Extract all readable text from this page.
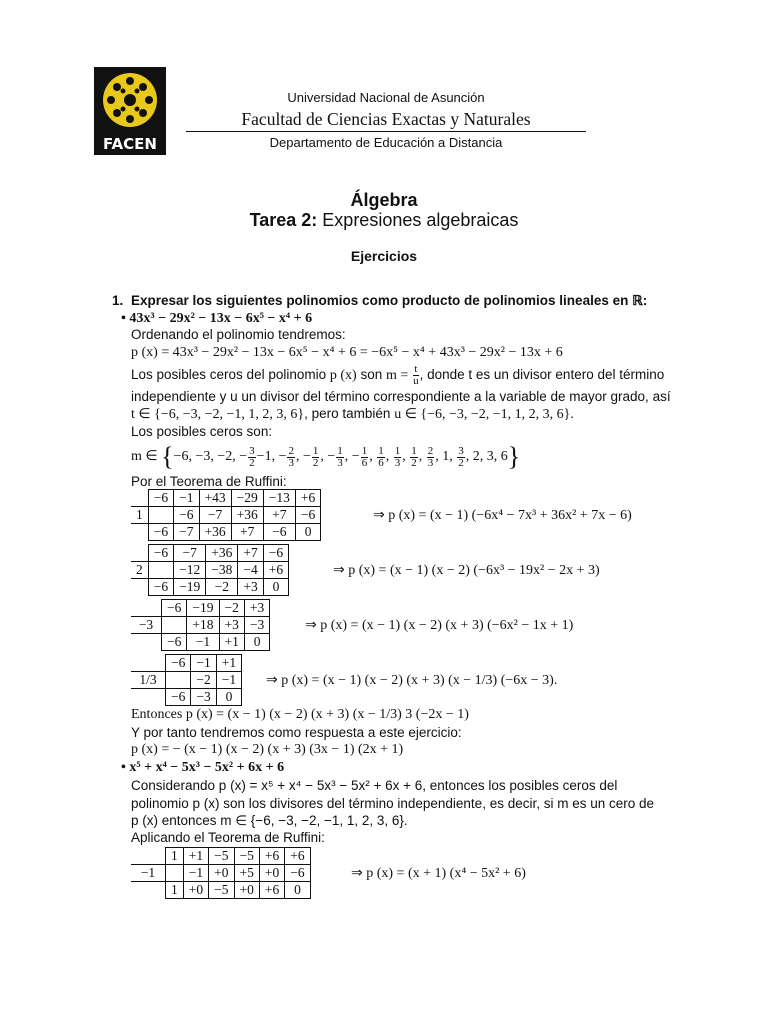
FACEN
Universidad Nacional de Asunción
Facultad de Ciencias Exactas y Naturales
Departamento de Educación a Distancia
Álgebra
Tarea 2: Expresiones algebraicas
Ejercicios
1. Expresar los siguientes polinomios como producto de polinomios lineales en ℝ:
• 43x³ − 29x² − 13x − 6x⁵ − x⁴ + 6
Ordenando el polinomio tendremos:
p (x) = 43x³ − 29x² − 13x − 6x⁵ − x⁴ + 6 = −6x⁵ − x⁴ + 43x³ − 29x² − 13x + 6
Los posibles ceros del polinomio p (x) son $m = \frac{t}{u}$ , donde t es un divisor entero del término
independiente y u un divisor del término correspondiente a la variable de mayor grado, así
t ∈ {−6, −3, −2, −1, 1, 2, 3, 6}, pero también u ∈ {−6, −3, −2, −1, 1, 2, 3, 6}.
Los posibles ceros son:
m ∈ {−6, −3, −2, − $\frac{3}{2} -1$, − $\frac{2}{3}$ , − $\frac{1}{2}$ , − $\frac{1}{3}$ , − $\frac{1}{6}$ , $\frac{1}{6}$ , $\frac{1}{3}$ , $\frac{1}{2}$ , $\frac{2}{3}$ , 1, $\frac{3}{2}$ , 2, 3, 6}
Por el Teorema de Ruffini:
	−6	−1	+43	−29	−13	+6
1		−6	−7	+36	+7	−6
	−6	−7	+36	+7	−6	0
⇒ p (x) = (x − 1) (−6x⁴ − 7x³ + 36x² + 7x − 6)
	−6	−7	+36	+7	−6
2		−12	−38	−4	+6
	−6	−19	−2	+3	0
⇒ p (x) = (x − 1) (x − 2) (−6x³ − 19x² − 2x + 3)
	−6	−19	−2	+3
−3		+18	+3	−3
	−6	−1	+1	0
⇒ p (x) = (x − 1) (x − 2) (x + 3) (−6x² − 1x + 1)
	−6	−1	+1
1/3		−2	−1
	−6	−3	0
⇒ p (x) = (x − 1) (x − 2) (x + 3) (x − 1/3) (−6x − 3).
Entonces p (x) = (x − 1) (x − 2) (x + 3) (x − 1/3) 3 (−2x − 1)
Y por tanto tendremos como respuesta a este ejercicio:
p (x) = − (x − 1) (x − 2) (x + 3) (3x − 1) (2x + 1)
• x⁵ + x⁴ − 5x³ − 5x² + 6x + 6
Considerando p (x) = x⁵ + x⁴ − 5x³ − 5x² + 6x + 6, entonces los posibles ceros del
polinomio p (x) son los divisores del término independiente, es decir, si m es un cero de
p (x) entonces m ∈ {−6, −3, −2, −1, 1, 2, 3, 6}.
Aplicando el Teorema de Ruffini:
	1	+1	−5	−5	+6	+6
−1		−1	+0	+5	+0	−6
	1	+0	−5	+0	+6	0
⇒ p (x) = (x + 1) (x⁴ − 5x² + 6)
